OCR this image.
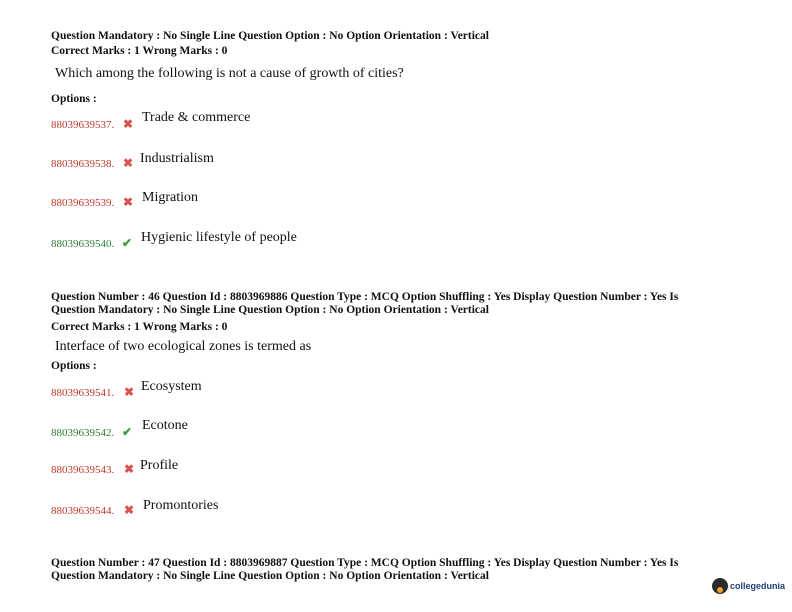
Question Mandatory : No Single Line Question Option : No Option Orientation : Vertical
Correct Marks : 1 Wrong Marks : 0
Which among the following is not a cause of growth of cities?
Options :
88039639537. ✖ Trade & commerce
88039639538. ✖ Industrialism
88039639539. ✖ Migration
88039639540. ✔ Hygienic lifestyle of people
Question Number : 46 Question Id : 8803969886 Question Type : MCQ Option Shuffling : Yes Display Question Number : Yes Is
Question Mandatory : No Single Line Question Option : No Option Orientation : Vertical
Correct Marks : 1 Wrong Marks : 0
Interface of two ecological zones is termed as
Options :
88039639541. ✖ Ecosystem
88039639542. ✔ Ecotone
88039639543. ✖ Profile
88039639544. ✖ Promontories
Question Number : 47 Question Id : 8803969887 Question Type : MCQ Option Shuffling : Yes Display Question Number : Yes Is
Question Mandatory : No Single Line Question Option : No Option Orientation : Vertical
collegedunia
